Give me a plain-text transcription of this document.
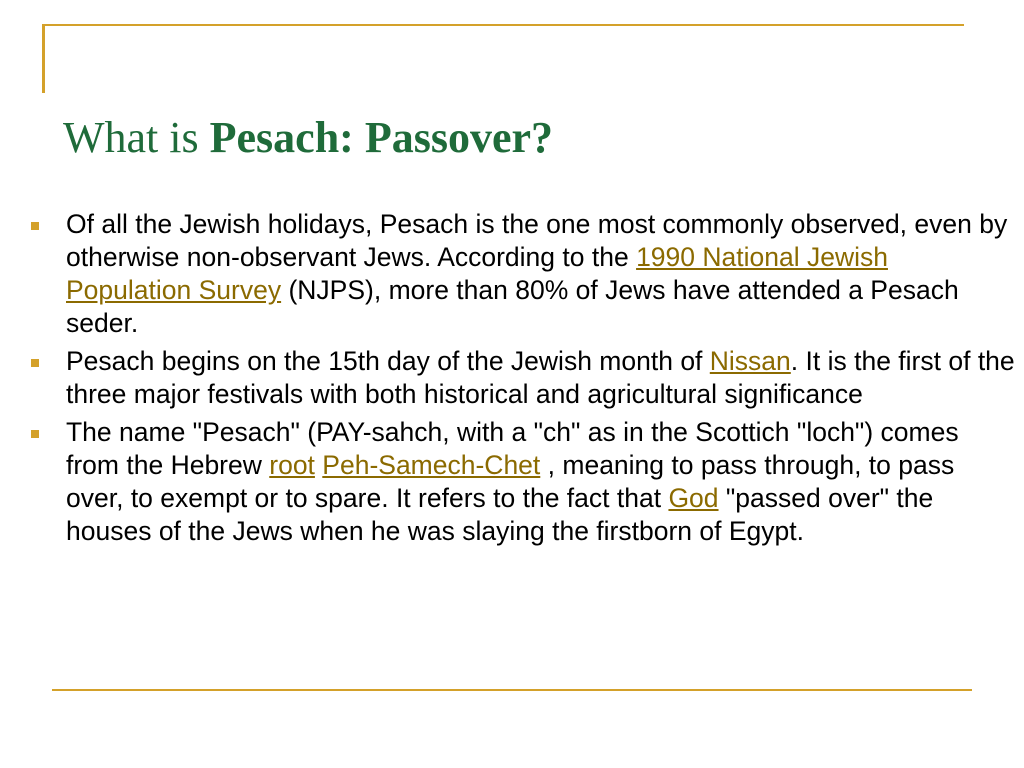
What is Pesach: Passover?
Of all the Jewish holidays, Pesach is the one most commonly observed, even by otherwise non-observant Jews. According to the 1990 National Jewish Population Survey (NJPS), more than 80% of Jews have attended a Pesach seder.
Pesach begins on the 15th day of the Jewish month of Nissan. It is the first of the three major festivals with both historical and agricultural significance
The name "Pesach" (PAY-sahch, with a "ch" as in the Scottich "loch") comes from the Hebrew root Peh-Samech-Chet , meaning to pass through, to pass over, to exempt or to spare. It refers to the fact that God "passed over" the houses of the Jews when he was slaying the firstborn of Egypt.
